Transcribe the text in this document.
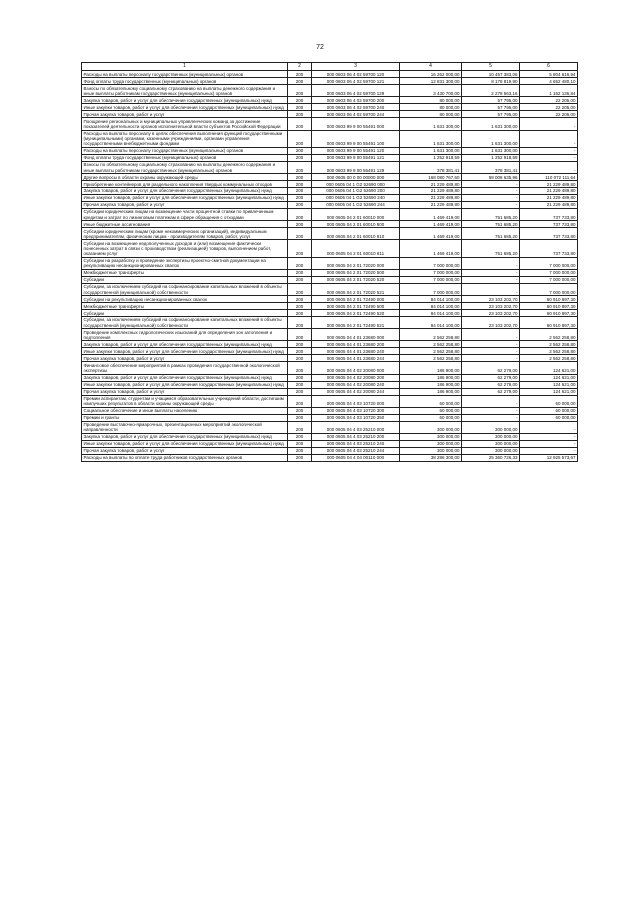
72
1	2	3	4	5	6
Расходы на выплаты персоналу государственных (муниципальных) органов	200	000 0603 06 4 02 59700 120	16 262 000,00	10 457 383,06	5 804 616,94
Фонд оплаты труда государственных (муниципальных) органов	200	000 0603 06 4 02 59700 121	12 831 300,00	8 178 819,90	4 652 480,10
Взносы по обязательному социальному страхованию на выплаты денежного содержания и иные выплаты работникам государственных (муниципальных) органов	200	000 0603 06 4 02 59700 129	3 430 700,00	2 278 563,16	1 152 136,84
Закупка товаров, работ и услуг для обеспечения государственных (муниципальных) нужд	200	000 0603 06 4 02 59700 200	80 000,00	57 795,00	22 205,00
Иные закупки товаров, работ и услуг для обеспечения государственных (муниципальных) нужд	200	000 0603 06 4 02 59700 240	80 000,00	57 795,00	22 205,00
Прочая закупка товаров, работ и услуг	200	000 0603 06 4 02 59700 244	80 000,00	57 795,00	22 205,00
Поощрение региональных и муниципальных управленческих команд за достижение показателей деятельности органов исполнительной власти субъектов Российской Федерации	200	000 0603 99 9 00 55491 000	1 631 300,00	1 631 300,00	-
Расходы на выплаты персоналу в целях обеспечения выполнения функций государственными (муниципальными) органами, казенными учреждениями, органами управления государственными внебюджетными фондами	200	000 0603 99 9 00 55491 100	1 631 300,00	1 631 300,00	-
Расходы на выплаты персоналу государственных (муниципальных) органов	200	000 0603 99 9 00 55491 120	1 631 300,00	1 631 300,00	-
Фонд оплаты труда государственных (муниципальных) органов	200	000 0603 99 9 00 55491 121	1 252 918,59	1 252 918,59	-
Взносы по обязательному социальному страхованию на выплаты денежного содержания и иные выплаты работникам государственных (муниципальных) органов	200	000 0603 99 9 00 55491 129	378 381,41	378 381,41	-
Другие вопросы в области охраны окружающей среды	200	000 0605 00 0 00 00000 000	168 080 767,60	58 008 635,96	110 072 111,64
Приобретение контейнеров для раздельного накопления твердых коммунальных отходов	200	000 0605 04 1 G2 52690 000	21 229 489,80	-	21 229 489,80
Закупка товаров, работ и услуг для обеспечения государственных (муниципальных) нужд	200	000 0605 04 1 G2 52690 200	21 229 489,80	-	21 229 489,80
Иные закупки товаров, работ и услуг для обеспечения государственных (муниципальных) нужд	200	000 0605 04 1 G2 52690 240	21 229 489,80	-	21 229 489,80
Прочая закупка товаров, работ и услуг	200	000 0605 04 1 G2 52690 244	21 229 489,80	-	21 229 489,80
Субсидии юридическим лицам на возмещение части процентной ставки по привлеченным кредитам и затрат по лизинговым платежам в сфере обращения с отходами	200	000 0605 04 2 01 60010 000	1 469 419,00	751 685,20	737 733,80
Иные бюджетные ассигнования	200	000 0605 04 2 01 60010 800	1 469 419,00	751 685,20	737 733,80
Субсидии юридическим лицам (кроме некоммерческих организаций), индивидуальным предпринимателям, физическим лицам - производителям товаров, работ, услуг	200	000 0605 04 2 01 60010 810	1 469 419,00	751 685,20	737 733,80
Субсидии на возмещение недополученных доходов и (или) возмещение фактически понесенных затрат в связи с производством (реализацией) товаров, выполнением работ, оказанием услуг	200	000 0605 04 2 01 60010 811	1 469 419,00	751 685,20	737 733,80
Субсидии на разработку и проведение экспертизы проектно-сметной документации на рекультивацию несанкционированных свалок	200	000 0605 04 2 01 72020 000	7 000 000,00	-	7 000 000,00
Межбюджетные трансферты	200	000 0605 04 2 01 72020 500	7 000 000,00	-	7 000 000,00
Субсидии	200	000 0605 04 2 01 72020 520	7 000 000,00	-	7 000 000,00
Субсидии, за исключением субсидий на софинансирование капитальных вложений в объекты государственной (муниципальной) собственности	200	000 0605 04 2 01 72020 521	7 000 000,00	-	7 000 000,00
Субсидии на рекультивацию несанкционированных свалок	200	000 0605 04 2 01 72490 000	84 014 100,00	23 103 202,70	60 910 897,30
Межбюджетные трансферты	200	000 0605 04 2 01 72490 500	84 014 100,00	23 103 202,70	60 910 897,30
Субсидии	200	000 0605 04 2 01 72490 520	84 014 100,00	23 103 202,70	60 910 897,30
Субсидии, за исключением субсидий на софинансирование капитальных вложений в объекты государственной (муниципальной) собственности	200	000 0605 04 2 01 72490 521	84 014 100,00	23 103 202,70	60 910 897,30
Проведение комплексных гидрологических изысканий для определения зон затопления и подтопления	200	000 0605 04 4 01 23680 000	2 562 258,80	-	2 562 258,80
Закупка товаров, работ и услуг для обеспечения государственных (муниципальных) нужд	200	000 0605 04 4 01 23680 200	2 562 258,80	-	2 562 258,80
Иные закупки товаров, работ и услуг для обеспечения государственных (муниципальных) нужд	200	000 0605 04 4 01 23680 240	2 562 258,80	-	2 562 258,80
Прочая закупка товаров, работ и услуг	200	000 0605 04 4 01 23680 244	2 562 258,80	-	2 562 258,80
Финансовое обеспечение мероприятий в рамках проведения государственной экологической экспертизы	200	000 0605 04 4 02 20080 000	186 900,00	62 279,00	124 621,00
Закупка товаров, работ и услуг для обеспечения государственных (муниципальных) нужд	200	000 0605 04 4 02 20080 200	186 900,00	62 279,00	124 621,00
Иные закупки товаров, работ и услуг для обеспечения государственных (муниципальных) нужд	200	000 0605 04 4 02 20080 240	186 900,00	62 279,00	124 621,00
Прочая закупка товаров, работ и услуг	200	000 0605 04 4 02 20080 244	186 900,00	62 279,00	124 621,00
Премии аспирантам, студентам и учащимся образовательных учреждений области, достигшим наилучших результатов в области охраны окружающей среды	200	000 0605 04 4 03 10720 000	60 000,00	-	60 000,00
Социальное обеспечение и иные выплаты населению	200	000 0605 04 4 03 10720 300	60 000,00	-	60 000,00
Премии и гранты	200	000 0605 04 4 03 10720 350	60 000,00	-	60 000,00
Проведение выставочно-ярмарочных, презентационных мероприятий экологической направленности	200	000 0605 04 4 03 25210 000	300 000,00	300 000,00	-
Закупка товаров, работ и услуг для обеспечения государственных (муниципальных) нужд	200	000 0605 04 4 03 25210 200	300 000,00	300 000,00	-
Иные закупки товаров, работ и услуг для обеспечения государственных (муниципальных) нужд	200	000 0605 04 4 03 25210 240	300 000,00	300 000,00	-
Прочая закупка товаров, работ и услуг	200	000 0605 04 4 03 25210 244	300 000,00	300 000,00	-
Расходы на выплаты по оплате труда работников государственных органов	200	000 0605 04 4 04 00110 000	38 286 300,00	25 360 726,33	12 925 573,67
